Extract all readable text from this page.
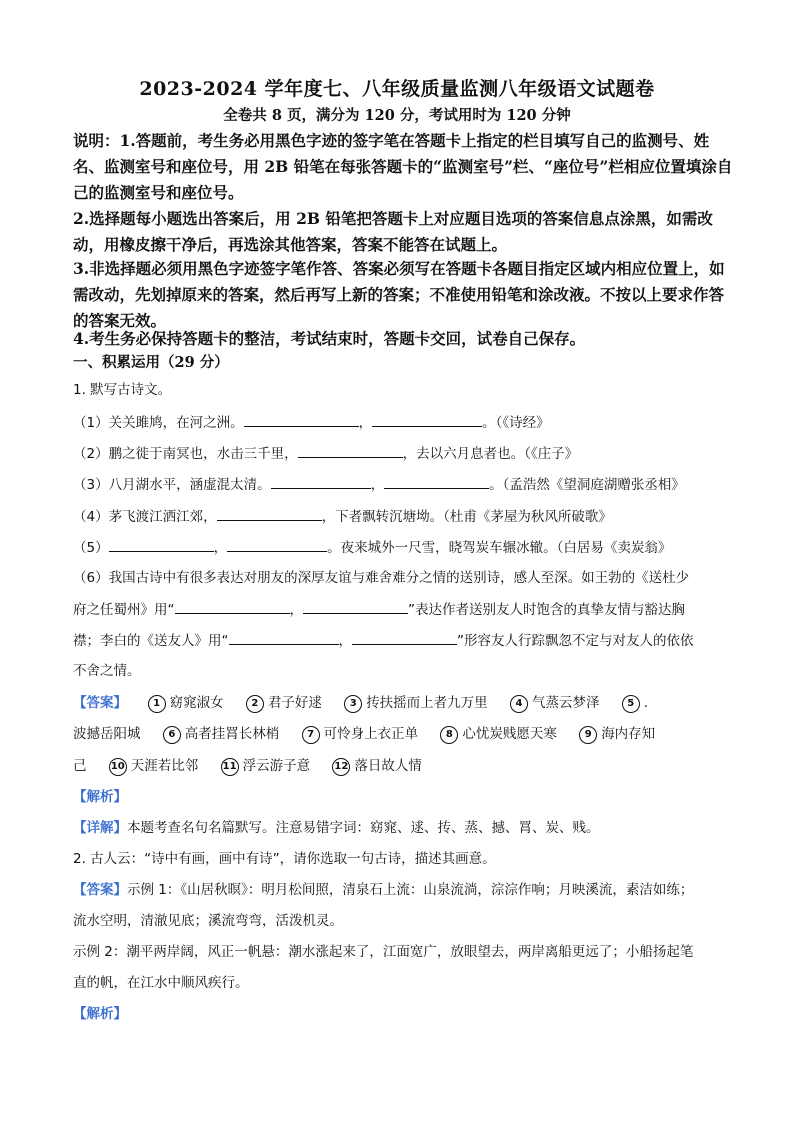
2023-2024 学年度七、八年级质量监测八年级语文试题卷
全卷共 8 页，满分为 120 分，考试用时为 120 分钟
说明：1.答题前，考生务必用黑色字迹的签字笔在答题卡上指定的栏目填写自己的监测号、姓名、监测室号和座位号，用 2B 铅笔在每张答题卡的“监测室号”栏、“座位号”栏相应位置填涂自己的监测室号和座位号。
2.选择题每小题选出答案后，用 2B 铅笔把答题卡上对应题目选项的答案信息点涂黑，如需改动，用橡皮擦干净后，再选涂其他答案，答案不能答在试题上。
3.非选择题必须用黑色字迹签字笔作答、答案必须写在答题卡各题目指定区域内相应位置上，如需改动，先划掉原来的答案，然后再写上新的答案；不准使用铅笔和涂改液。不按以上要求作答的答案无效。
4.考生务必保持答题卡的整洁，考试结束时，答题卡交回，试卷自己保存。
一、积累运用（29 分）
1. 默写古诗文。
（1）关关雎鸠，在河之洲。	，	。（《诗经》
（2）鹏之徙于南冥也，水击三千里，	，去以六月息者也。（《庄子》
（3）八月湖水平，涵虚混太清。	，	。（孟浩然《望洞庭湖赠张丞相》
（4）茅飞渡江洒江郊，	，下者飘转沉塘坳。（杜甫《茅屋为秋风所破歌》
（5）	，	。夜来城外一尺雪，晓驾炭车辗冰辙。（白居易《卖炭翁》
（6）我国古诗中有很多表达对朋友的深厚友谊与难舍难分之情的送别诗，感人至深。如王勃的《送杜少
府之任蜀州》用“	，	”表达作者送别友人时饱含的真挚友情与豁达胸
襟；李白的《送友人》用“	，	”形容友人行踪飘忽不定与对友人的依依
不舍之情。
【答案】	1 窈窕淑女	2 君子好逑	3 抟扶摇而上者九万里	4 气蒸云梦泽	5 .
波撼岳阳城	6 高者挂罥长林梢	7 可怜身上衣正单	8 心忧炭贱愿天寒	9 海内存知
己 10 天涯若比邻 11 浮云游子意 12 落日故人情
【解析】
【详解】本题考查名句名篇默写。注意易错字词：窈窕、逑、抟、蒸、撼、罥、炭、贱。
2. 古人云：“诗中有画，画中有诗”，请你选取一句古诗，描述其画意。
【答案】示例 1：《山居秋暝》：明月松间照，清泉石上流：山泉流淌，淙淙作响；月映溪流，素洁如练；
流水空明，清澈见底；溪流弯弯，活泼机灵。
示例 2：潮平两岸阔，风正一帆悬：潮水涨起来了，江面宽广，放眼望去，两岸离船更远了；小船扬起笔
直的帆，在江水中顺风疾行。
【解析】
